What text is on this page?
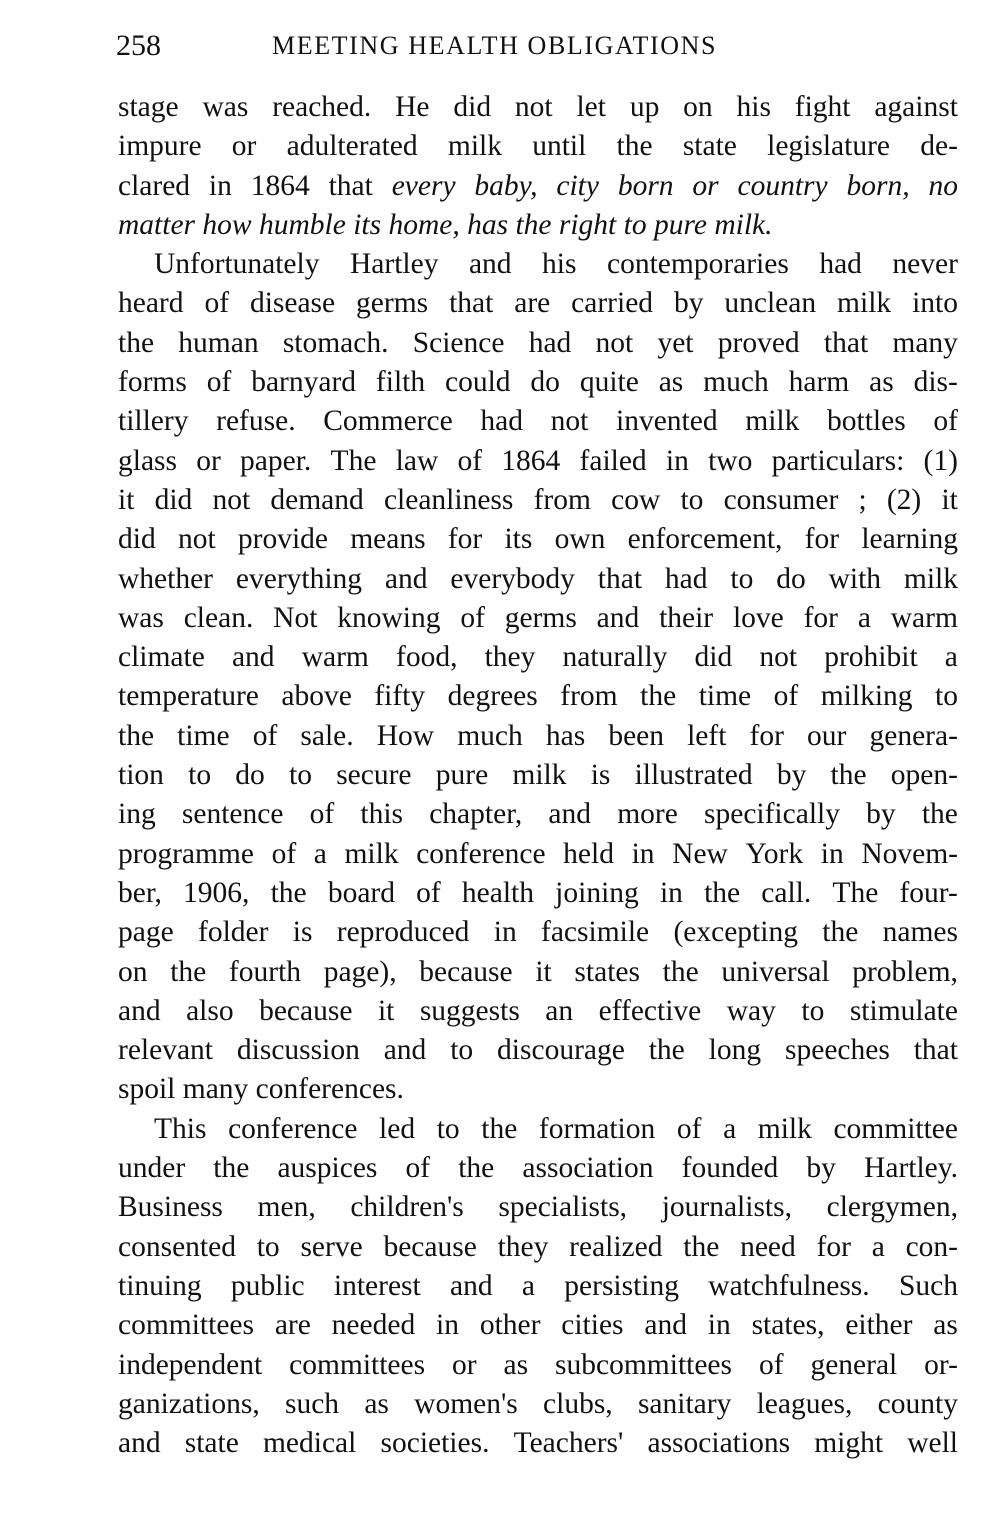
258	MEETING HEALTH OBLIGATIONS
stage was reached. He did not let up on his fight against
impure or adulterated milk until the state legislature de-
clared in 1864 that every baby, city born or country born, no
matter how humble its home, has the right to pure milk.
Unfortunately Hartley and his contemporaries had never
heard of disease germs that are carried by unclean milk into
the human stomach. Science had not yet proved that many
forms of barnyard filth could do quite as much harm as dis-
tillery refuse. Commerce had not invented milk bottles of
glass or paper. The law of 1864 failed in two particulars: (1)
it did not demand cleanliness from cow to consumer ; (2) it
did not provide means for its own enforcement, for learning
whether everything and everybody that had to do with milk
was clean. Not knowing of germs and their love for a warm
climate and warm food, they naturally did not prohibit a
temperature above fifty degrees from the time of milking to
the time of sale. How much has been left for our genera-
tion to do to secure pure milk is illustrated by the open-
ing sentence of this chapter, and more specifically by the
programme of a milk conference held in New York in Novem-
ber, 1906, the board of health joining in the call. The four-
page folder is reproduced in facsimile (excepting the names
on the fourth page), because it states the universal problem,
and also because it suggests an effective way to stimulate
relevant discussion and to discourage the long speeches that
spoil many conferences.
This conference led to the formation of a milk committee
under the auspices of the association founded by Hartley.
Business men, children's specialists, journalists, clergymen,
consented to serve because they realized the need for a con-
tinuing public interest and a persisting watchfulness. Such
committees are needed in other cities and in states, either as
independent committees or as subcommittees of general or-
ganizations, such as women's clubs, sanitary leagues, county
and state medical societies. Teachers' associations might well
